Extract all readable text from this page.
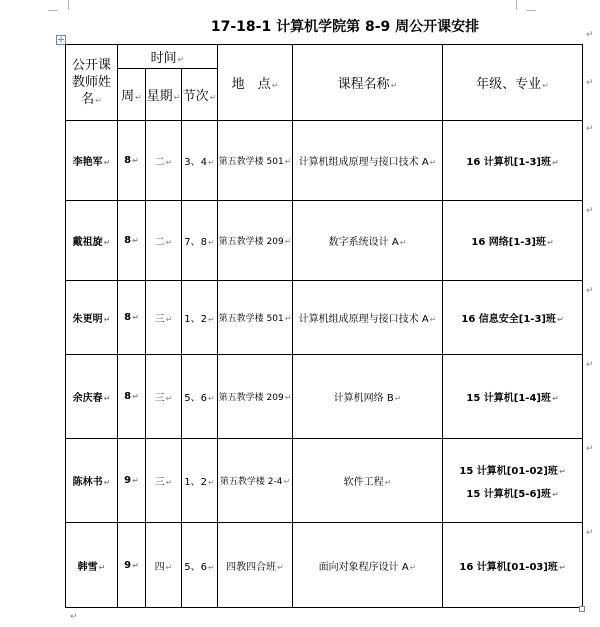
✢
17-18-1 计算机学院第 8-9 周公开课安排
公开课教师姓名↵	时间↵			地　点↵	课程名称↵	年级、专业↵
	周↵	星期↵	节次↵			
李艳军↵	8↵	二↵	3、4↵	第五教学楼 501↵	计算机组成原理与接口技术 A↵	16 计算机[1-3]班↵
戴祖旋↵	8↵	二↵	7、8↵	第五教学楼 209↵	数字系统设计 A↵	16 网络[1-3]班↵
朱更明↵	8↵	三↵	1、2↵	第五教学楼 501↵	计算机组成原理与接口技术 A↵	16 信息安全[1-3]班↵
余庆春↵	8↵	三↵	5、6↵	第五教学楼 209↵	计算机网络 B↵	15 计算机[1-4]班↵
陈林书↵	9↵	三↵	1、2↵	第五教学楼 2-4↵	软件工程↵	15 计算机[01-02]班↵
15 计算机[5-6]班↵

韩雪↵	9↵	四↵	5、6↵	四教四合班↵	面向对象程序设计 A↵	16 计算机[01-03]班↵
↵
↵
↵
↵
↵
↵
↵
↵
↵
